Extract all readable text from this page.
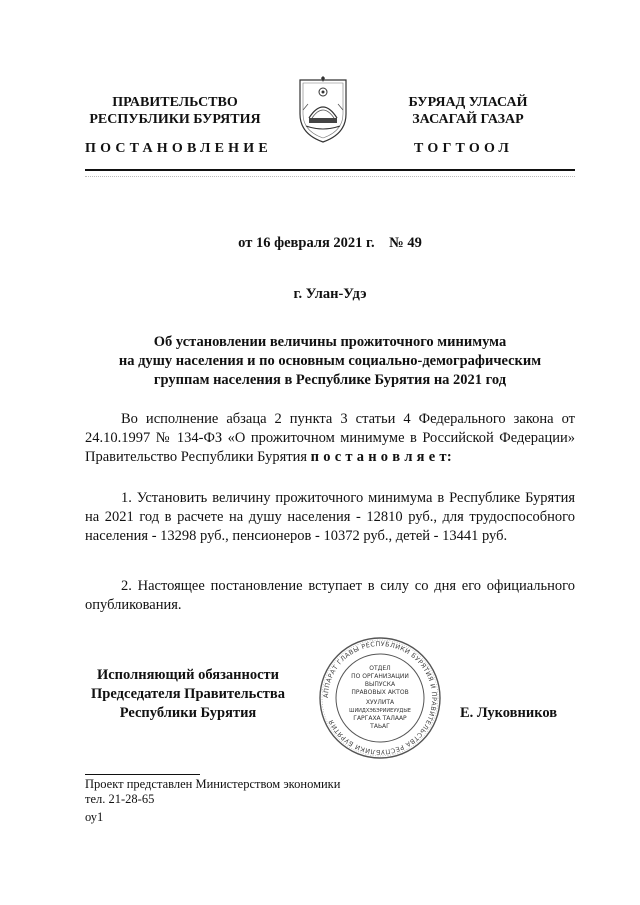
ПРАВИТЕЛЬСТВО
РЕСПУБЛИКИ БУРЯТИЯ
БУРЯАД УЛАСАЙ
ЗАСАГАЙ ГАЗАР
ПОСТАНОВЛЕНИЕ	ТОГТООЛ
от 16 февраля 2021 г.    № 49
г. Улан-Удэ
Об установлении величины прожиточного минимума
на душу населения и по основным социально-демографическим
группам населения в Республике Бурятия на 2021 год

Во исполнение абзаца 2 пункта 3 статьи 4 Федерального закона от 24.10.1997 № 134-ФЗ «О прожиточном минимуме в Российской Федерации» Правительство Республики Бурятия п о с т а н о в л я е т:

1. Установить величину прожиточного минимума в Республике Бурятия на 2021 год в расчете на душу населения - 12810 руб., для трудоспособного населения - 13298 руб., пенсионеров - 10372 руб., детей - 13441 руб.

2. Настоящее постановление вступает в силу со дня его официального опубликования.

Исполняющий обязанности
Председателя Правительства
Республики Бурятия
АППАРАТ ГЛАВЫ РЕСПУБЛИКИ БУРЯТИЯ И ПРАВИТЕЛЬСТВА РЕСПУБЛИКИ БУРЯТИЯ
ОТДЕЛ
ПО ОРГАНИЗАЦИИ
ВЫПУСКА
ПРАВОВЫХ АКТОВ
ХУУЛИТА
ШИИДХЭБЭРИИЕУУДЫЕ
ГАРГАХА ТАЛААР
ТАЬАГ
Е. Луковников
Проект представлен Министерством экономики
тел. 21-28-65
оу1
